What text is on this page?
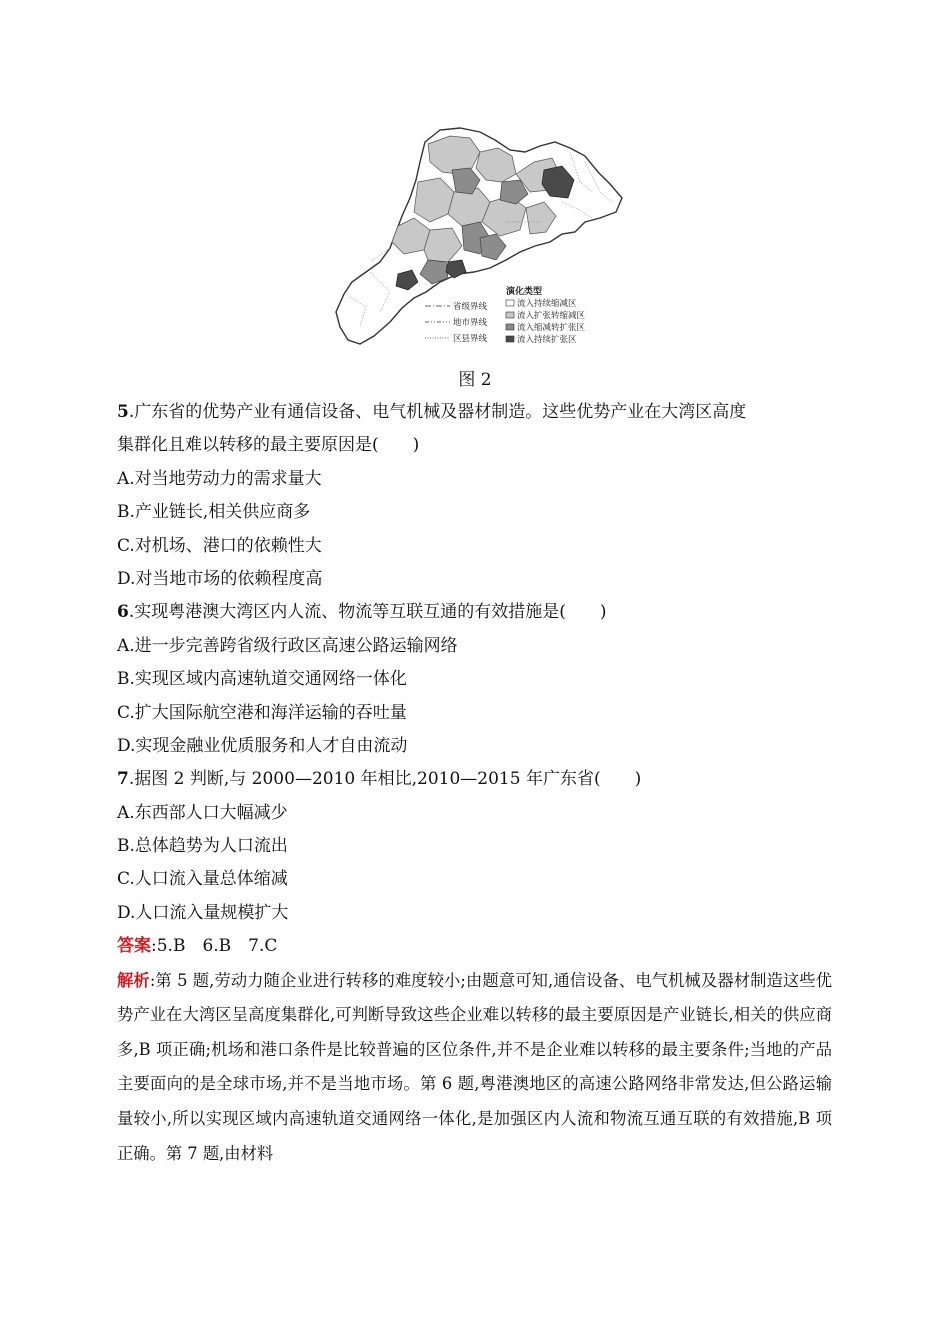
省级界线
地市界线
区县界线
演化类型
流入持续缩减区
流入扩张转缩减区
流入缩减转扩张区
流入持续扩张区
图 2
5.广东省的优势产业有通信设备、电气机械及器材制造。这些优势产业在大湾区高度
集群化且难以转移的最主要原因是(　　)
A.对当地劳动力的需求量大
B.产业链长,相关供应商多
C.对机场、港口的依赖性大
D.对当地市场的依赖程度高
6.实现粤港澳大湾区内人流、物流等互联互通的有效措施是(　　)
A.进一步完善跨省级行政区高速公路运输网络
B.实现区域内高速轨道交通网络一体化
C.扩大国际航空港和海洋运输的吞吐量
D.实现金融业优质服务和人才自由流动
7.据图 2 判断,与 2000—2010 年相比,2010—2015 年广东省(　　)
A.东西部人口大幅减少
B.总体趋势为人口流出
C.人口流入量总体缩减
D.人口流入量规模扩大
答案:5.B　6.B　7.C
解析:第 5 题,劳动力随企业进行转移的难度较小;由题意可知,通信设备、电气机械及器材制造这些优势产业在大湾区呈高度集群化,可判断导致这些企业难以转移的最主要原因是产业链长,相关的供应商多,B 项正确;机场和港口条件是比较普遍的区位条件,并不是企业难以转移的最主要条件;当地的产品主要面向的是全球市场,并不是当地市场。第 6 题,粤港澳地区的高速公路网络非常发达,但公路运输量较小,所以实现区域内高速轨道交通网络一体化,是加强区内人流和物流互通互联的有效措施,B 项正确。第 7 题,由材料
